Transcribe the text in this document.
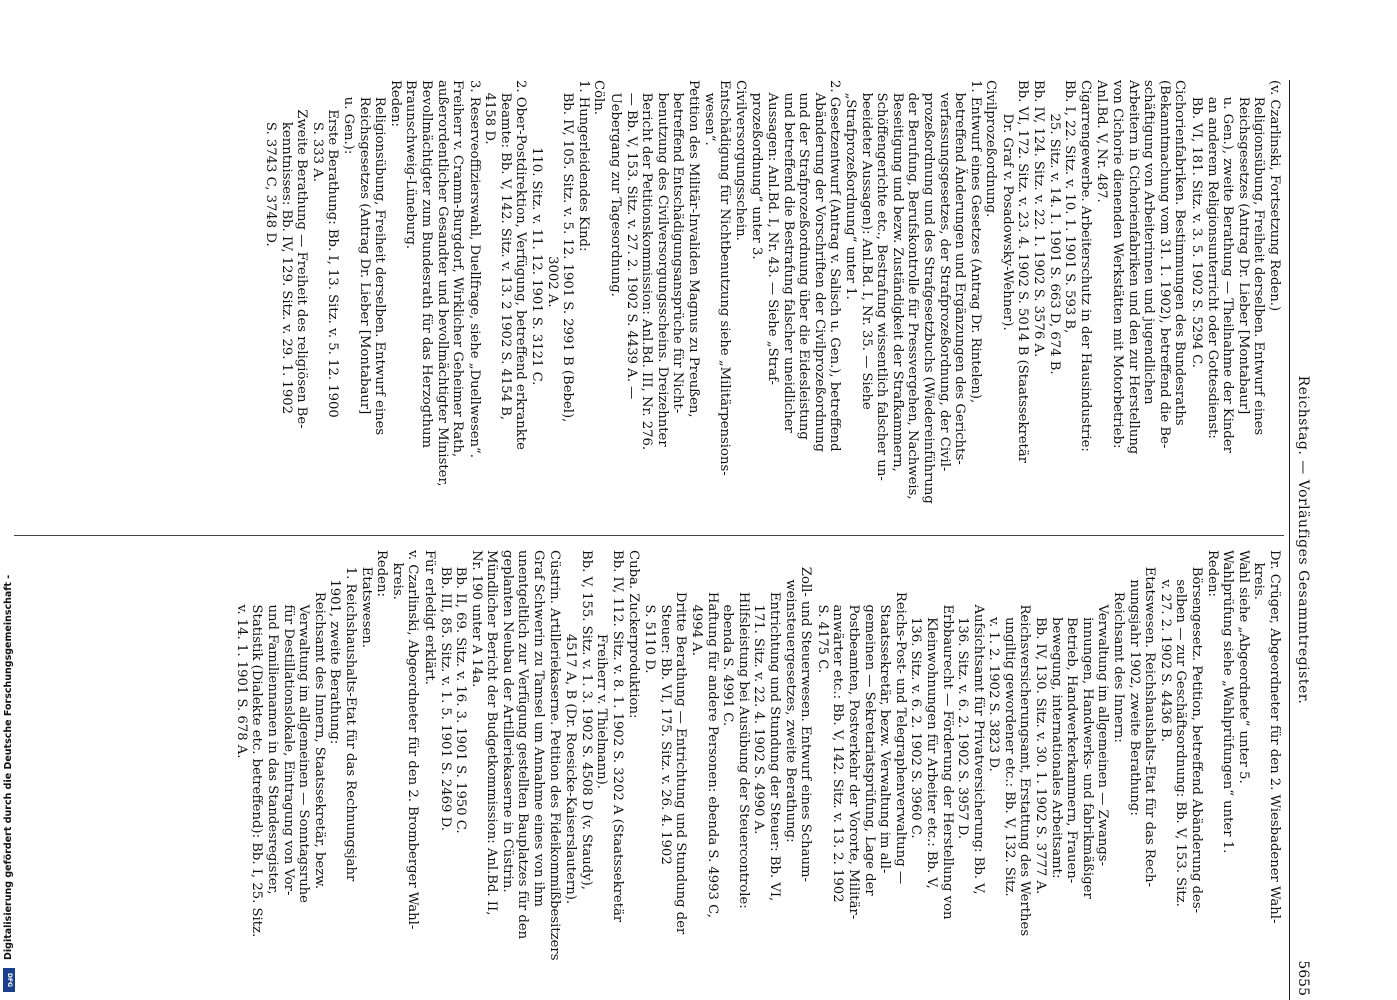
Digitalisierung gefördert durch die Deutsche Forschungsgemeinschaft -
DFG
Reichstag. — Vorläufiges Gesammtregister.
5655
(v. Czarlinski, Fortsetzung Reden.)
Religionsübung, Freiheit derselben. Entwurf eines
Reichsgesetzes (Antrag Dr. Lieber [Montabaur]
u. Gen.), zweite Berathung — Theilnahme der Kinder
an anderem Religionsunterricht oder Gottesdienst:
Bb. VI, 181. Sitz. v. 3. 5. 1902 S. 5294 C.
Cichorienfabriken. Bestimmungen des Bundesraths
(Bekanntmachung vom 31. 1. 1902), betreffend die Be-
schäftigung von Arbeiterinnen und jugendlichen
Arbeitern in Cichorienfabriken und den zur Herstellung
von Cichorie dienenden Werkstätten mit Motorbetrieb:
Anl.Bd. V, Nr. 487.
Cigarrengewerbe. Arbeiterschutz in der Hausindustrie:
Bb. I, 22. Sitz. v. 10. 1. 1901 S. 593 B,
25. Sitz. v. 14. 1. 1901 S. 663 D, 674 B.
Bb. IV, 124. Sitz. v. 22. 1. 1902 S. 3576 A.
Bb. VI, 172. Sitz. v. 23. 4. 1902 S. 5014 B (Staatssekretär
Dr. Graf v. Posadowsky-Wehner).
Civilprozeßordnung.
1. Entwurf eines Gesetzes (Antrag Dr. Rintelen),
betreffend Änderungen und Ergänzungen des Gerichts-
verfassungsgesetzes, der Strafprozeßordnung, der Civil-
prozeßordnung und des Strafgesetzbuchs (Wiedereinführung
der Berufung, Berufskontrolle für Pressvergehen, Nachweis,
Beseitigung und bezw. Zuständigkeit der Strafkammern,
Schöffengerichte etc., Bestrafung wissentlich falscher un-
beeideter Aussagen): Anl.Bd. I, Nr. 35. — Siehe
„Strafprozeßordnung“ unter 1.
2. Gesetzentwurf (Antrag v. Salisch u. Gen.), betreffend
Abänderung der Vorschriften der Civilprozeßordnung
und der Strafprozeßordnung über die Eidesleistung
und betreffend die Bestrafung falscher uneidlicher
Aussagen: Anl.Bd. I, Nr. 43. — Siehe „Straf-
prozeßordnung“ unter 3.
Civilversorgungsschein.
Entschädigung für Nichtbenutzung siehe „Militärpensions-
wesen“.
Petition des Militär-Invaliden Magnus zu Preußen,
betreffend Entschädigungsansprüche für Nicht-
benutzung des Civilversorgungsscheins. Dreizehnter
Bericht der Petitionskommission: Anl.Bd. III, Nr. 276.
— Bb. V, 153. Sitz. v. 27. 2. 1902 S. 4439 A. —
Uebergang zur Tagesordnung.
Cöln.
1. Hungerleidendes Kind:
Bb. IV, 105. Sitz. v. 5. 12. 1901 S. 2991 B (Bebel),
3002 A.
110. Sitz. v. 11. 12. 1901 S. 3121 C.
2. Ober-Postdirektion, Verfügung, betreffend erkrankte
Beamte: Bb. V, 142. Sitz. v. 13. 2 1902 S. 4154 B,
4158 D.
3. Reserveoffizierswahl, Duellfrage, siehe „Duellwesen“.
Freiherr v. Cramm-Burgdorf, Wirklicher Geheimer Rath,
außerordentlicher Gesandter und bevollmächtigter Minister,
Bevollmächtigter zum Bundesrath für das Herzogthum
Braunschweig-Lüneburg.
Reden:
Religionsübung, Freiheit derselben. Entwurf eines
Reichsgesetzes (Antrag Dr. Lieber [Montabaur]
u. Gen.):
Erste Berathung: Bb. I, 13. Sitz. v. 5. 12. 1900
S. 333 A.
Zweite Berathung — Freiheit des religiösen Be-
kenntnisses: Bb. IV, 129. Sitz. v. 29. 1. 1902
S. 3743 C, 3748 D.
Dr. Crüger, Abgeordneter für den 2. Wiesbadener Wahl-
kreis.
Wahl siehe „Abgeordnete“ unter 5.
Wahlprüfung siehe „Wahlprüfungen“ unter 1.
Reden:
Börsengesetz. Petition, betreffend Abänderung des-
selben — zur Geschäftsordnung: Bb. V, 153. Sitz.
v. 27. 2. 1902 S. 4436 B.
Etatswesen. Reichshaushalts-Etat für das Rech-
nungsjahr 1902, zweite Berathung:
Reichsamt des Innern:
Verwaltung im allgemeinen — Zwangs-
innungen, Handwerks- und fabrikmäßiger
Betrieb, Handwerkerkammern, Frauen-
bewegung, internationales Arbeitsamt:
Bb. IV, 130. Sitz. v. 30. 1. 1902 S. 3777 A.
Reichsversicherungsamt, Erstattung des Werthes
ungiltig gewordener etc.: Bb. V, 132. Sitz.
v. 1. 2. 1902 S. 3823 D.
Aufsichtsamt für Privatversicherung: Bb. V,
136. Sitz. v. 6. 2. 1902 S. 3957 D.
Erbbaurecht — Förderung der Herstellung von
Kleinwohnungen für Arbeiter etc.: Bb. V,
136. Sitz. v. 6. 2. 1902 S. 3960 C.
Reichs-Post- und Telegraphenverwaltung —
Staatssekretär, bezw. Verwaltung im all-
gemeinen — Sekretariatsprüfung, Lage der
Postbeamten, Postverkehr der Vororte, Militär-
anwärter etc.: Bb. V, 142. Sitz. v. 13. 2. 1902
S. 4175 C.
Zoll- und Steuerwesen. Entwurf eines Schaum-
weinsteuergesetzes, zweite Berathung:
Entrichtung und Stundung der Steuer: Bb. VI,
171. Sitz. v. 22. 4. 1902 S. 4990 A.
Hilfsleistung bei Ausübung der Steuercontrole:
ebenda S. 4991 C.
Haftung für andere Personen: ebenda S. 4993 C,
4994 A.
Dritte Berathung — Entrichtung und Stundung der
Steuer: Bb. VI, 175. Sitz. v. 26. 4. 1902
S. 5110 D.
Cuba. Zuckerproduktion:
Bb. IV, 112. Sitz. v. 8. 1. 1902 S. 3202 A (Staatssekretär
Freiherr v. Thielmann).
Bb. V, 155. Sitz. v. 1. 3. 1902 S. 4508 D (v. Staudy),
4517 A, B (Dr. Roesicke-Kaiserslautern).
Cüstrin. Artilleriekaserne. Petition des Fideikommißbesitzers
Graf Schwerin zu Tamsel um Annahme eines von ihm
unentgeltlich zur Verfügung gestellten Bauplatzes für den
geplanten Neubau der Artilleriekaserne in Cüstrin.
Mündlicher Bericht der Budgetkommission: Anl.Bd. II,
Nr. 190 unter A 14a.
Bb. II, 69. Sitz. v. 16. 3. 1901 S. 1950 C.
Bb. III, 85. Sitz. v. 1. 5. 1901 S. 2469 D.
Für erledigt erklärt.
v. Czarlinski, Abgeordneter für den 2. Bromberger Wahl-
kreis.
Reden:
Etatswesen.
1. Reichshaushalts-Etat für das Rechnungsjahr
1901, zweite Berathung:
Reichsamt des Innern, Staatssekretär, bezw.
Verwaltung im allgemeinen — Sonntagsruhe
für Destillationslokale, Eintragung von Vor-
und Familiennamen in das Standesregister,
Statistik (Dialekte etc. betreffend): Bb. I, 25. Sitz.
v. 14. 1. 1901 S. 678 A.
